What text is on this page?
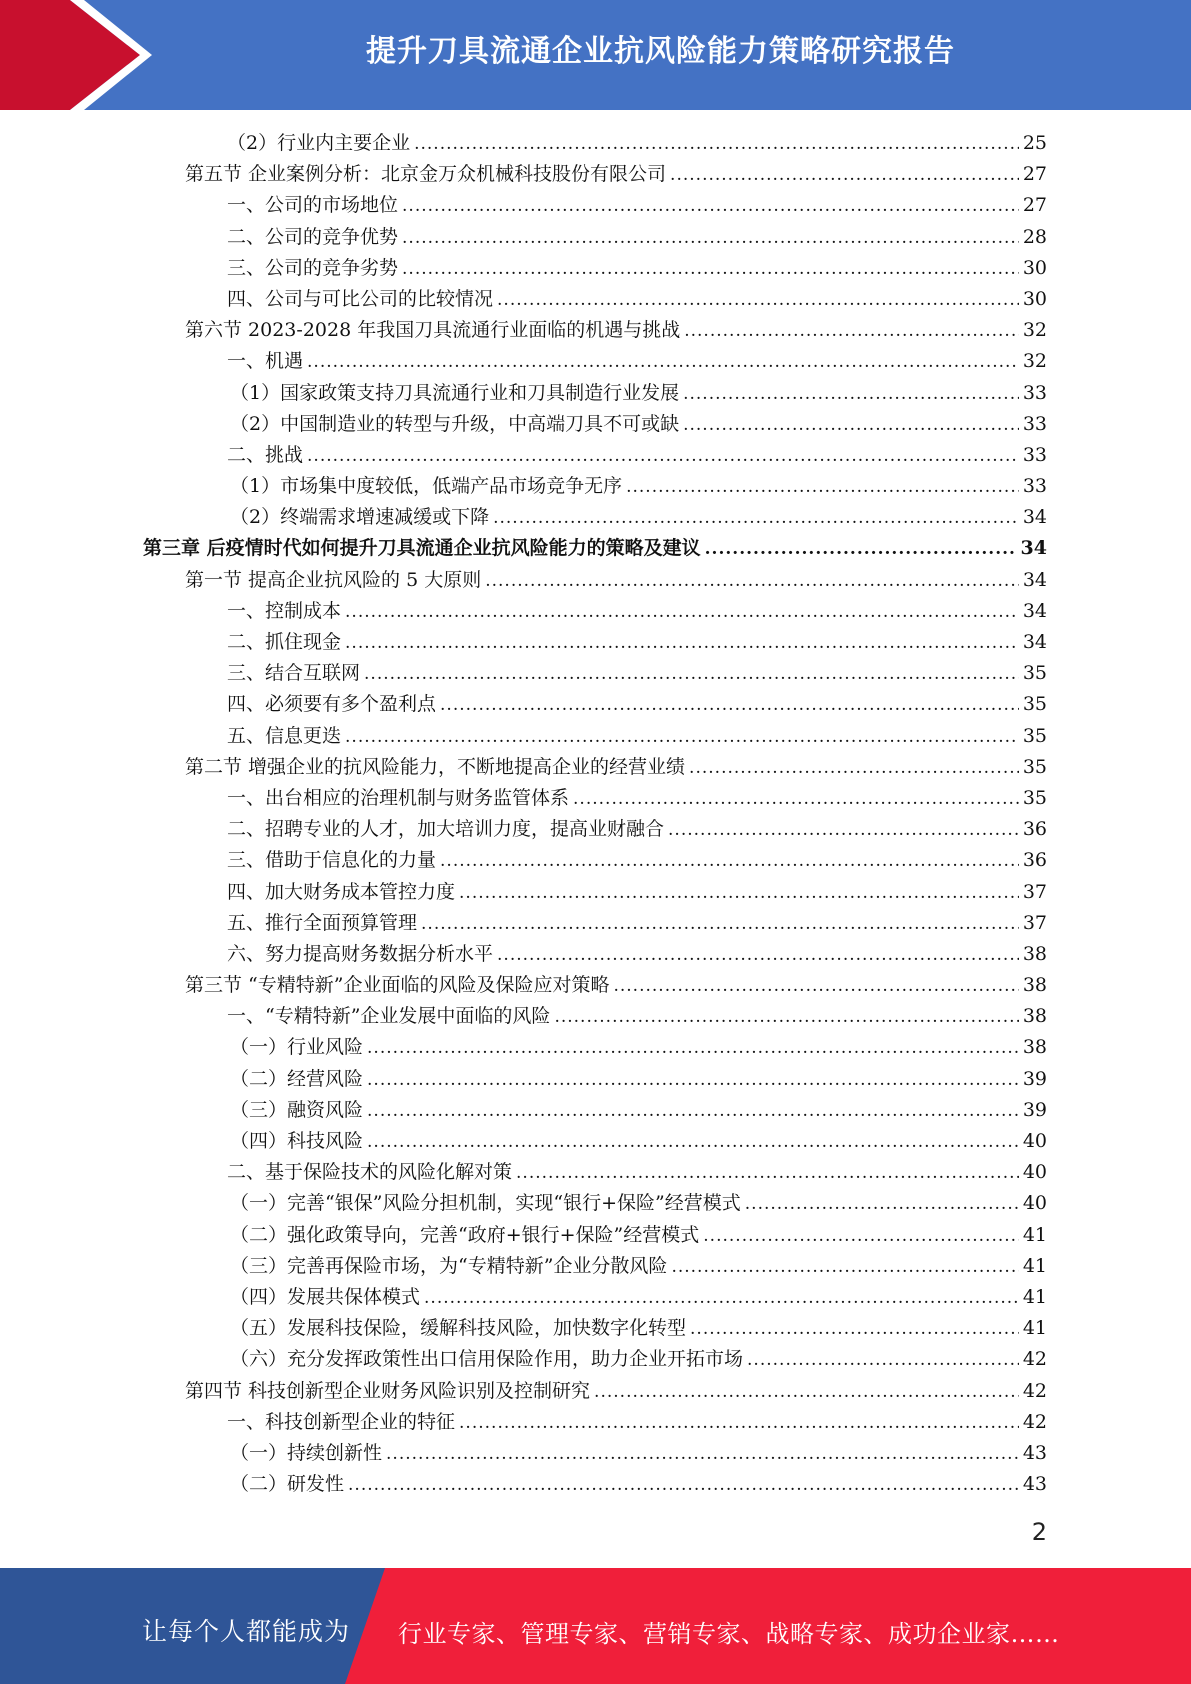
提升刀具流通企业抗风险能力策略研究报告
（2）行业内主要企业 .....	25
第五节 企业案例分析：北京金万众机械科技股份有限公司 .....	27
一、公司的市场地位 .....	27
二、公司的竞争优势 .....	28
三、公司的竞争劣势 .....	30
四、公司与可比公司的比较情况 .....	30
第六节 2023-2028 年我国刀具流通行业面临的机遇与挑战 .....	32
一、机遇 .....	32
（1）国家政策支持刀具流通行业和刀具制造行业发展 .....	33
（2）中国制造业的转型与升级，中高端刀具不可或缺 .....	33
二、挑战 .....	33
（1）市场集中度较低，低端产品市场竞争无序 .....	33
（2）终端需求增速减缓或下降 .....	34
第三章 后疫情时代如何提升刀具流通企业抗风险能力的策略及建议 .....	34
第一节 提高企业抗风险的 5 大原则 .....	34
一、控制成本 .....	34
二、抓住现金 .....	34
三、结合互联网 .....	35
四、必须要有多个盈利点 .....	35
五、信息更迭 .....	35
第二节 增强企业的抗风险能力，不断地提高企业的经营业绩 .....	35
一、出台相应的治理机制与财务监管体系 .....	35
二、招聘专业的人才，加大培训力度，提高业财融合 .....	36
三、借助于信息化的力量 .....	36
四、加大财务成本管控力度 .....	37
五、推行全面预算管理 .....	37
六、努力提高财务数据分析水平 .....	38
第三节 “专精特新”企业面临的风险及保险应对策略 .....	38
一、“专精特新”企业发展中面临的风险 .....	38
（一）行业风险 .....	38
（二）经营风险 .....	39
（三）融资风险 .....	39
（四）科技风险 .....	40
二、基于保险技术的风险化解对策 .....	40
（一）完善“银保”风险分担机制，实现“银行+保险”经营模式 .....	40
（二）强化政策导向，完善“政府+银行+保险”经营模式 .....	41
（三）完善再保险市场，为“专精特新”企业分散风险 .....	41
（四）发展共保体模式 .....	41
（五）发展科技保险，缓解科技风险，加快数字化转型 .....	41
（六）充分发挥政策性出口信用保险作用，助力企业开拓市场 .....	42
第四节 科技创新型企业财务风险识别及控制研究 .....	42
一、科技创新型企业的特征 .....	42
（一）持续创新性 .....	43
（二）研发性 .....	43
2
让每个人都能成为 行业专家、管理专家、营销专家、战略专家、成功企业家……
